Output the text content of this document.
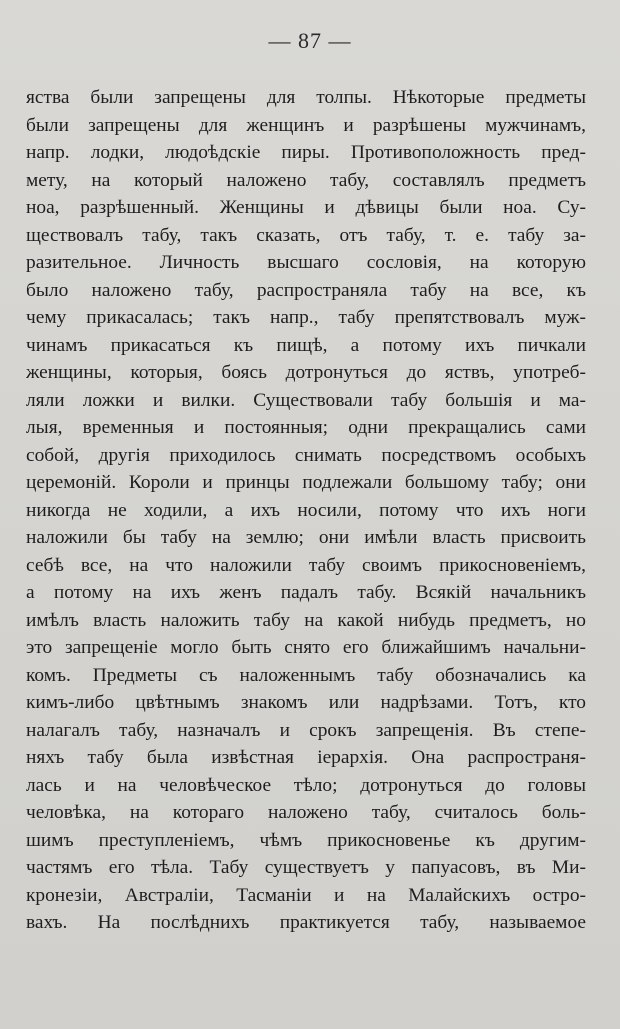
— 87 —
яства были запрещены для толпы. Нѣкоторые предметы
были запрещены для женщинъ и разрѣшены мужчинамъ,
напр. лодки, людоѣдскiе пиры. Противоположность пред-
мету, на который наложено табу, составлялъ предметъ
ноа, разрѣшенный. Женщины и дѣвицы были ноа. Су-
ществовалъ табу, такъ сказать, отъ табу, т. е. табу за-
разительное. Личность высшаго сословiя, на которую
было наложено табу, распространяла табу на все, къ
чему прикасалась; такъ напр., табу препятствовалъ муж-
чинамъ прикасаться къ пищѣ, а потому ихъ пичкали
женщины, которыя, боясь дотронуться до яствъ, употреб-
ляли ложки и вилки. Существовали табу большiя и ма-
лыя, временныя и постоянныя; одни прекращались сами
собой, другiя приходилось снимать посредствомъ особыхъ
церемонiй. Короли и принцы подлежали большому табу; они
никогда не ходили, а ихъ носили, потому что ихъ ноги
наложили бы табу на землю; они имѣли власть присвоить
себѣ все, на что наложили табу своимъ прикосновенiемъ,
а потому на ихъ женъ падалъ табу. Всякiй начальникъ
имѣлъ власть наложить табу на какой нибудь предметъ, но
это запрещенiе могло быть снято его ближайшимъ начальни-
комъ. Предметы съ наложеннымъ табу обозначались ка
кимъ-либо цвѣтнымъ знакомъ или надрѣзами. Тотъ, кто
налагалъ табу, назначалъ и срокъ запрещенiя. Въ степе-
няхъ табу была извѣстная iерархiя. Она распространя-
лась и на человѣческое тѣло; дотронуться до головы
человѣка, на котораго наложено табу, считалось боль-
шимъ преступленiемъ, чѣмъ прикосновенье къ другим-
частямъ его тѣла. Табу существуетъ у папуасовъ, въ Ми-
кронезiи, Австралiи, Тасманiи и на Малайскихъ остро-
вахъ. На послѣднихъ практикуется табу, называемое
